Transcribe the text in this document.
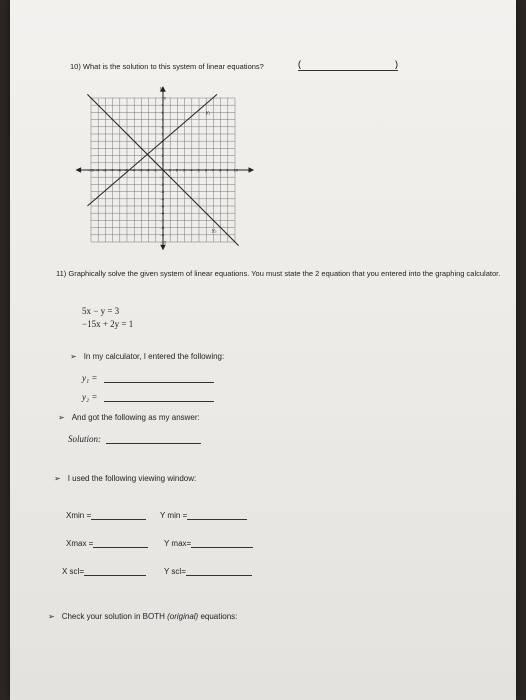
10) What is the solution to this system of linear equations?	(	)
-10 -9 -8 -7 -6 -5 -4 -3 -2 -1	1 2 3 4 5 6 7 8 9 10
10
9
8
7
6
5
4
3
2
1
-1
-2
-3
-4
-5
-6
-7
-8
-9
-10
y
y₁
y₂
11) Graphically solve the given system of linear equations. You must state the 2 equation that you entered into the graphing calculator.
5x − y = 3
−15x + 2y = 1
➢ In my calculator, I entered the following:
y₁ =
y₂ =
➢ And got the following as my answer:
Solution:
➢ I used the following viewing window:
Xmin =	Y min =
Xmax =	Y max=
X scl=	Y scl=
➢ Check your solution in BOTH (original) equations:
